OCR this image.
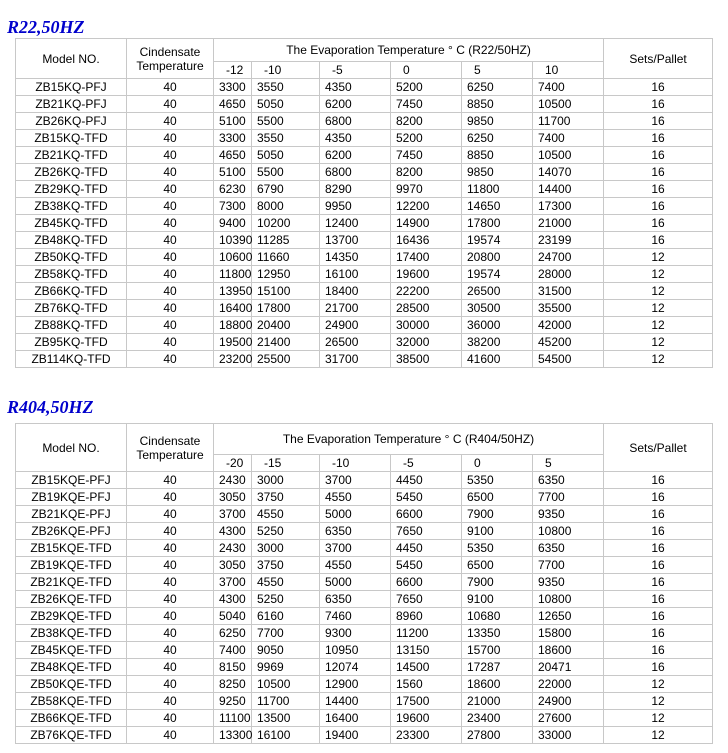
R22,50HZ
Model NO.	Cindensate Temperature	The Evaporation Temperature ° C (R22/50HZ)						Sets/Pallet
		-12	-10	-5	0	5	10	
ZB15KQ-PFJ	40	3300	3550	4350	5200	6250	7400	16
ZB21KQ-PFJ	40	4650	5050	6200	7450	8850	10500	16
ZB26KQ-PFJ	40	5100	5500	6800	8200	9850	11700	16
ZB15KQ-TFD	40	3300	3550	4350	5200	6250	7400	16
ZB21KQ-TFD	40	4650	5050	6200	7450	8850	10500	16
ZB26KQ-TFD	40	5100	5500	6800	8200	9850	14070	16
ZB29KQ-TFD	40	6230	6790	8290	9970	11800	14400	16
ZB38KQ-TFD	40	7300	8000	9950	12200	14650	17300	16
ZB45KQ-TFD	40	9400	10200	12400	14900	17800	21000	16
ZB48KQ-TFD	40	10390	11285	13700	16436	19574	23199	16
ZB50KQ-TFD	40	10600	11660	14350	17400	20800	24700	12
ZB58KQ-TFD	40	11800	12950	16100	19600	19574	28000	12
ZB66KQ-TFD	40	13950	15100	18400	22200	26500	31500	12
ZB76KQ-TFD	40	16400	17800	21700	28500	30500	35500	12
ZB88KQ-TFD	40	18800	20400	24900	30000	36000	42000	12
ZB95KQ-TFD	40	19500	21400	26500	32000	38200	45200	12
ZB114KQ-TFD	40	23200	25500	31700	38500	41600	54500	12
R404,50HZ
Model NO.	Cindensate Temperature	The Evaporation Temperature ° C (R404/50HZ)						Sets/Pallet
		-20	-15	-10	-5	0	5	
ZB15KQE-PFJ	40	2430	3000	3700	4450	5350	6350	16
ZB19KQE-PFJ	40	3050	3750	4550	5450	6500	7700	16
ZB21KQE-PFJ	40	3700	4550	5000	6600	7900	9350	16
ZB26KQE-PFJ	40	4300	5250	6350	7650	9100	10800	16
ZB15KQE-TFD	40	2430	3000	3700	4450	5350	6350	16
ZB19KQE-TFD	40	3050	3750	4550	5450	6500	7700	16
ZB21KQE-TFD	40	3700	4550	5000	6600	7900	9350	16
ZB26KQE-TFD	40	4300	5250	6350	7650	9100	10800	16
ZB29KQE-TFD	40	5040	6160	7460	8960	10680	12650	16
ZB38KQE-TFD	40	6250	7700	9300	11200	13350	15800	16
ZB45KQE-TFD	40	7400	9050	10950	13150	15700	18600	16
ZB48KQE-TFD	40	8150	9969	12074	14500	17287	20471	16
ZB50KQE-TFD	40	8250	10500	12900	1560	18600	22000	12
ZB58KQE-TFD	40	9250	11700	14400	17500	21000	24900	12
ZB66KQE-TFD	40	11100	13500	16400	19600	23400	27600	12
ZB76KQE-TFD	40	13300	16100	19400	23300	27800	33000	12
